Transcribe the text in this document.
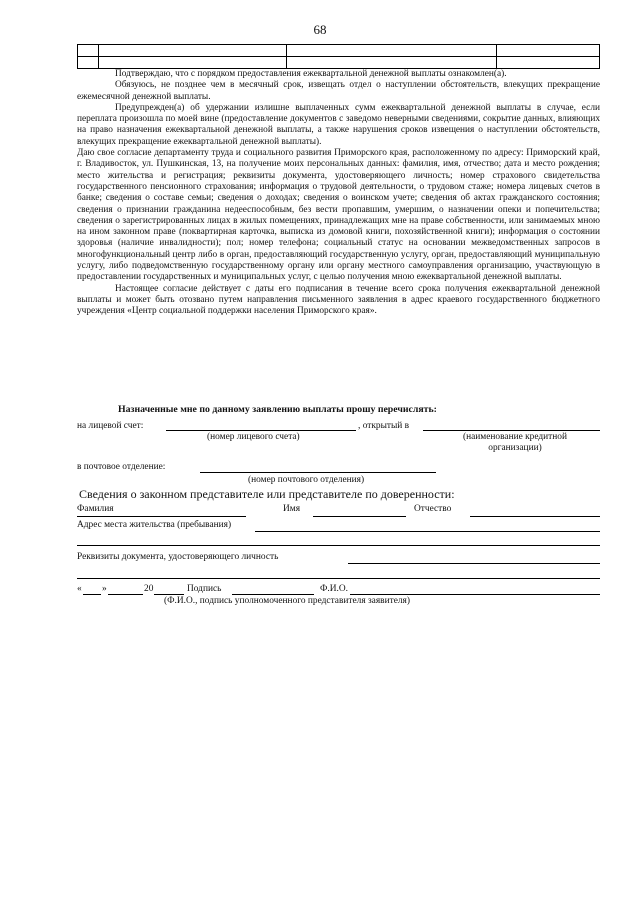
68

Подтверждаю, что с порядком предоставления ежеквартальной денежной выплаты ознакомлен(а).

Обязуюсь, не позднее чем в месячный срок, извещать отдел о наступлении обстоятельств, влекущих прекращение ежемесячной денежной выплаты.

Предупрежден(а) об удержании излишне выплаченных сумм ежеквартальной денежной выплаты в случае, если переплата произошла по моей вине (предоставление документов с заведомо неверными сведениями, сокрытие данных, влияющих на право назначения ежеквартальной денежной выплаты, а также нарушения сроков извещения о наступлении обстоятельств, влекущих прекращение ежеквартальной денежной выплаты).

Даю свое согласие департаменту труда и социального развития Приморского края, расположенному по адресу: Приморский край, г. Владивосток, ул. Пушкинская, 13, на получение моих персональных данных: фамилия, имя, отчество; дата и место рождения; место жительства и регистрация; реквизиты документа, удостоверяющего личность; номер страхового свидетельства государственного пенсионного страхования; информация о трудовой деятельности, о трудовом стаже; номера лицевых счетов в банке; сведения о составе семьи; сведения о доходах; сведения о воинском учете; сведения об актах гражданского состояния; сведения о признании гражданина недееспособным, без вести пропавшим, умершим, о назначении опеки и попечительства; сведения о зарегистрированных лицах в жилых помещениях, принадлежащих мне на праве собственности, или занимаемых мною на ином законном праве (поквартирная карточка, выписка из домовой книги, похозяйственной книги); информация о состоянии здоровья (наличие инвалидности); пол; номер телефона; социальный статус на основании межведомственных запросов в многофункциональный центр либо в орган, предоставляющий государственную услугу, орган, предоставляющий муниципальную услугу, либо подведомственную государственному органу или органу местного самоуправления организацию, участвующую в предоставлении государственных и муниципальных услуг, с целью получения мною ежеквартальной денежной выплаты.

Настоящее согласие действует с даты его подписания в течение всего срока получения ежеквартальной денежной выплаты и может быть отозвано путем направления письменного заявления в адрес краевого государственного бюджетного учреждения «Центр социальной поддержки населения Приморского края».

Назначенные мне по данному заявлению выплаты прошу перечислять:
на лицевой счет:	, открытый в
(номер лицевого счета)	(наименование кредитной организации)
в почтовое отделение:
(номер почтового отделения)
Сведения о законном представителе или представителе по доверенности:
Фамилия	Имя	Отчество
Адрес места жительства (пребывания)
Реквизиты документа, удостоверяющего личность
« »	20	Подпись	Ф.И.О.
(Ф.И.О., подпись уполномоченного представителя заявителя)
